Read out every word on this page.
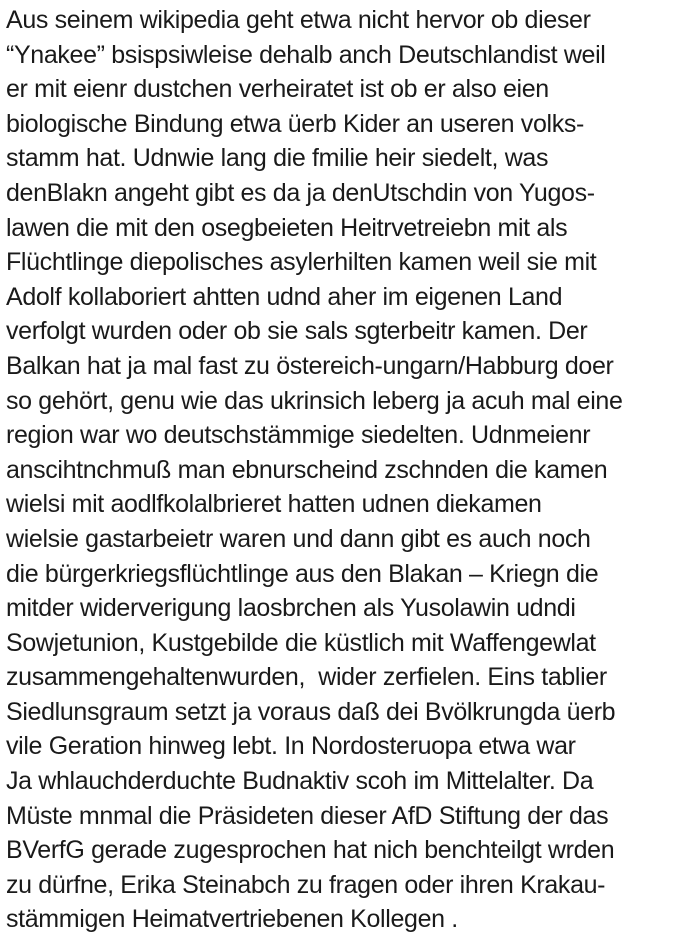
Aus seinem wikipedia geht etwa nicht hervor ob dieser
“Ynakee” bsispsiwleise dehalb anch Deutschlandist weil
er mit eienr dustchen verheiratet ist ob er also eien
biologische Bindung etwa üerb Kider an useren volks-
stamm hat. Udnwie lang die fmilie heir siedelt, was
denBlakn angeht gibt es da ja denUtschdin von Yugos-
lawen die mit den osegbeieten Heitrvetreiebn mit als
Flüchtlinge diepolisches asylerhilten kamen weil sie mit
Adolf kollaboriert ahtten udnd aher im eigenen Land
verfolgt wurden oder ob sie sals sgterbeitr kamen. Der
Balkan hat ja mal fast zu östereich-ungarn/Habburg doer
so gehört, genu wie das ukrinsich leberg ja acuh mal eine
region war wo deutschstämmige siedelten. Udnmeienr
anscihtnchmuß man ebnurscheind zschnden die kamen
wielsi mit aodlfkolalbrieret hatten udnen diekamen
wielsie gastarbeietr waren und dann gibt es auch noch
die bürgerkriegsflüchtlinge aus den Blakan – Kriegn die
mitder widerverigung laosbrchen als Yusolawin udndi
Sowjetunion, Kustgebilde die küstlich mit Waffengewlat
zusammengehaltenwurden,  wider zerfielen. Eins tablier
Siedlunsgraum setzt ja voraus daß dei Bvölkrungda üerb
vile Geration hinweg lebt. In Nordosteruopa etwa war
Ja whlauchderduchte Budnaktiv scoh im Mittelalter. Da
Müste mnmal die Präsideten dieser AfD Stiftung der das
BVerfG gerade zugesprochen hat nich benchteilgt wrden
zu dürfne, Erika Steinabch zu fragen oder ihren Krakau-
stämmigen Heimatvertriebenen Kollegen .
